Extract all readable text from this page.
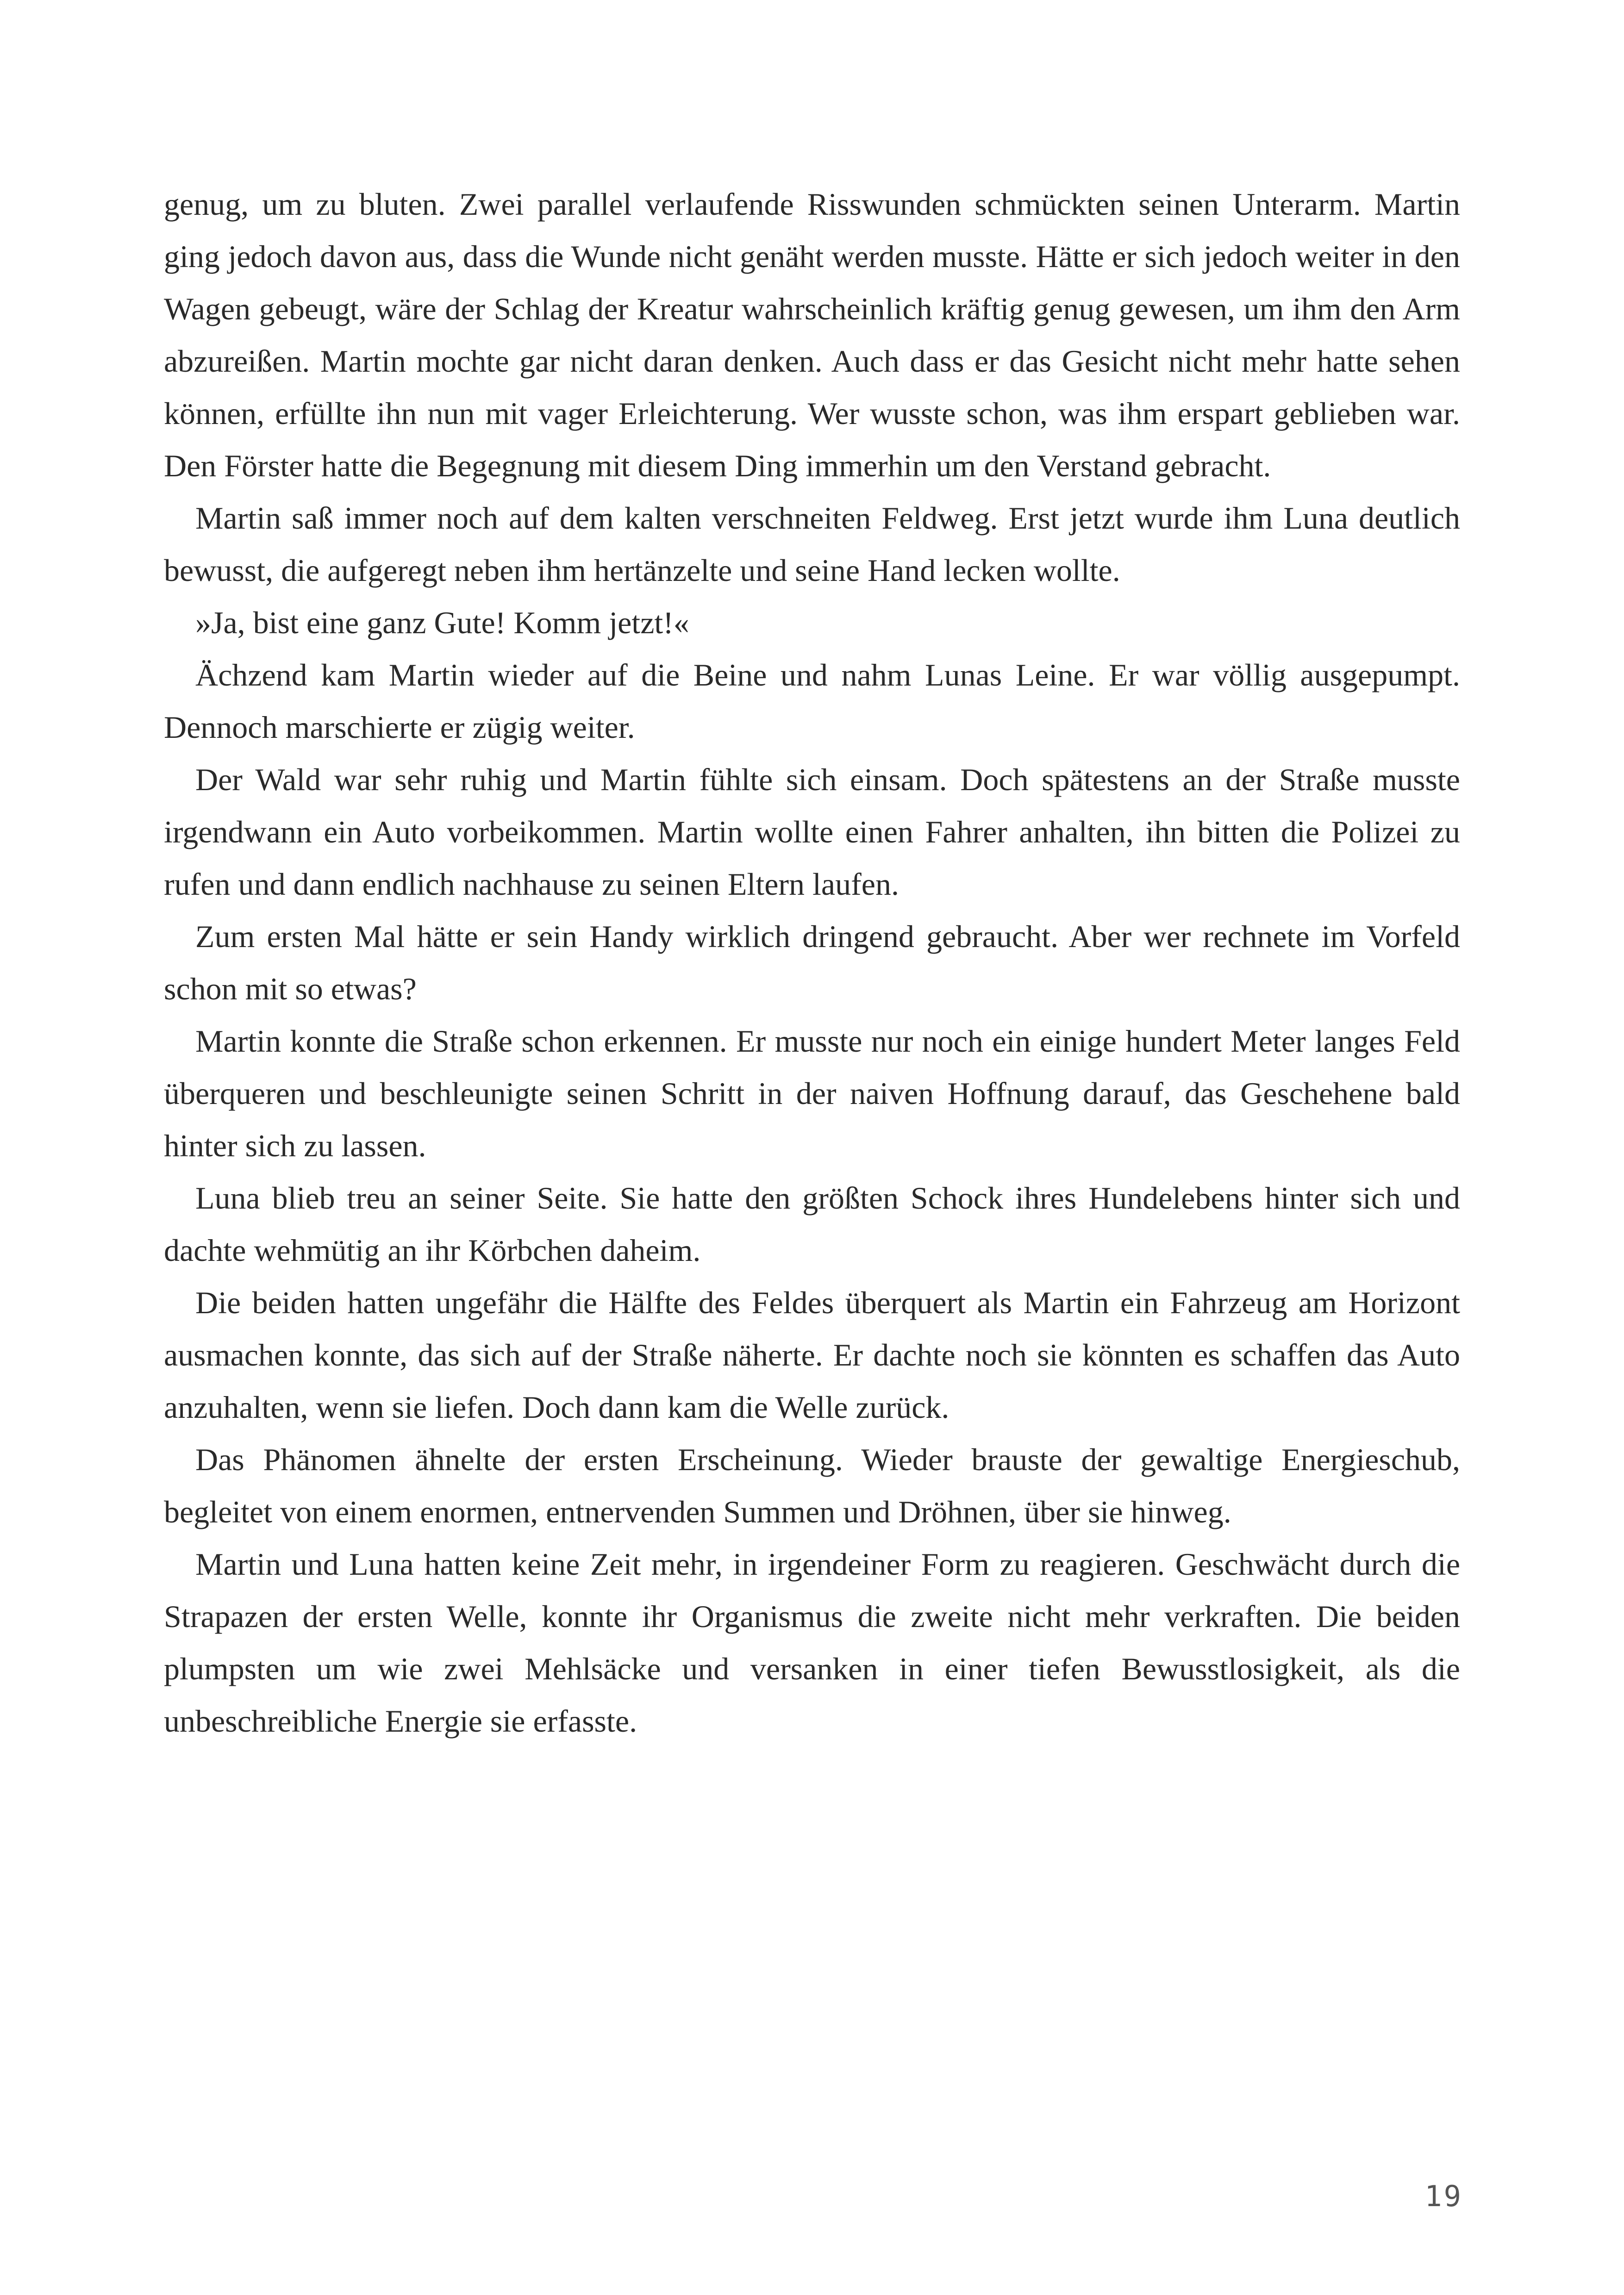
genug, um zu bluten. Zwei parallel verlaufende Risswunden schmückten seinen Unterarm. Martin ging jedoch davon aus, dass die Wunde nicht genäht werden musste. Hätte er sich jedoch weiter in den Wagen gebeugt, wäre der Schlag der Kreatur wahrscheinlich kräftig genug gewesen, um ihm den Arm abzureißen. Martin mochte gar nicht daran denken. Auch dass er das Gesicht nicht mehr hatte sehen können, erfüllte ihn nun mit vager Erleichterung. Wer wusste schon, was ihm erspart geblieben war. Den Förster hatte die Begegnung mit diesem Ding immerhin um den Verstand gebracht.

Martin saß immer noch auf dem kalten verschneiten Feldweg. Erst jetzt wurde ihm Luna deutlich bewusst, die aufgeregt neben ihm hertänzelte und seine Hand lecken wollte.

»Ja, bist eine ganz Gute! Komm jetzt!«

Ächzend kam Martin wieder auf die Beine und nahm Lunas Leine. Er war völlig ausgepumpt. Dennoch marschierte er zügig weiter.

Der Wald war sehr ruhig und Martin fühlte sich einsam. Doch spätestens an der Straße musste irgendwann ein Auto vorbeikommen. Martin wollte einen Fahrer anhalten, ihn bitten die Polizei zu rufen und dann endlich nachhause zu seinen Eltern laufen.

Zum ersten Mal hätte er sein Handy wirklich dringend gebraucht. Aber wer rechnete im Vorfeld schon mit so etwas?

Martin konnte die Straße schon erkennen. Er musste nur noch ein einige hundert Meter langes Feld überqueren und beschleunigte seinen Schritt in der naiven Hoffnung darauf, das Geschehene bald hinter sich zu lassen.

Luna blieb treu an seiner Seite. Sie hatte den größten Schock ihres Hundelebens hinter sich und dachte wehmütig an ihr Körbchen daheim.

Die beiden hatten ungefähr die Hälfte des Feldes überquert als Martin ein Fahrzeug am Horizont ausmachen konnte, das sich auf der Straße näherte. Er dachte noch sie könnten es schaffen das Auto anzuhalten, wenn sie liefen. Doch dann kam die Welle zurück.

Das Phänomen ähnelte der ersten Erscheinung. Wieder brauste der gewaltige Energieschub, begleitet von einem enormen, entnervenden Summen und Dröhnen, über sie hinweg.

Martin und Luna hatten keine Zeit mehr, in irgendeiner Form zu reagieren. Geschwächt durch die Strapazen der ersten Welle, konnte ihr Organismus die zweite nicht mehr verkraften. Die beiden plumpsten um wie zwei Mehlsäcke und versanken in einer tiefen Bewusstlosigkeit, als die unbeschreibliche Energie sie erfasste.

19
